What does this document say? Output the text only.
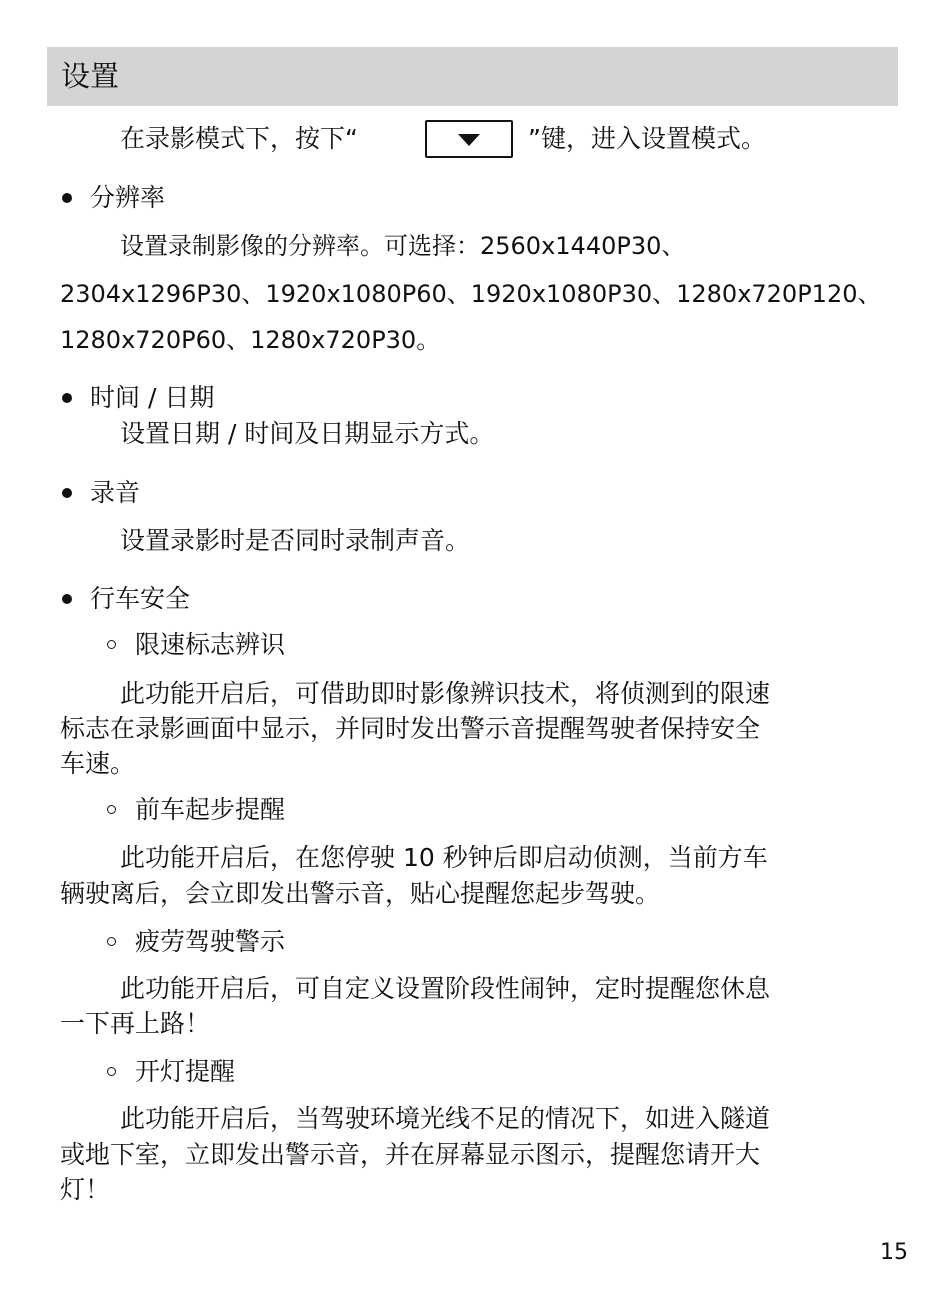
设置
在录影模式下，按下“	”键，进入设置模式。
分辨率
设置录制影像的分辨率。可选择：2560x1440P30、
2304x1296P30、1920x1080P60、1920x1080P30、1280x720P120、
1280x720P60、1280x720P30。
时间 / 日期
设置日期 / 时间及日期显示方式。
录音
设置录影时是否同时录制声音。
行车安全
限速标志辨识
此功能开启后，可借助即时影像辨识技术，将侦测到的限速
标志在录影画面中显示，并同时发出警示音提醒驾驶者保持安全
车速。
前车起步提醒
此功能开启后，在您停驶 10 秒钟后即启动侦测，当前方车
辆驶离后，会立即发出警示音，贴心提醒您起步驾驶。
疲劳驾驶警示
此功能开启后，可自定义设置阶段性闹钟，定时提醒您休息
一下再上路！
开灯提醒
此功能开启后，当驾驶环境光线不足的情况下，如进入隧道
或地下室，立即发出警示音，并在屏幕显示图示，提醒您请开大
灯！
15
